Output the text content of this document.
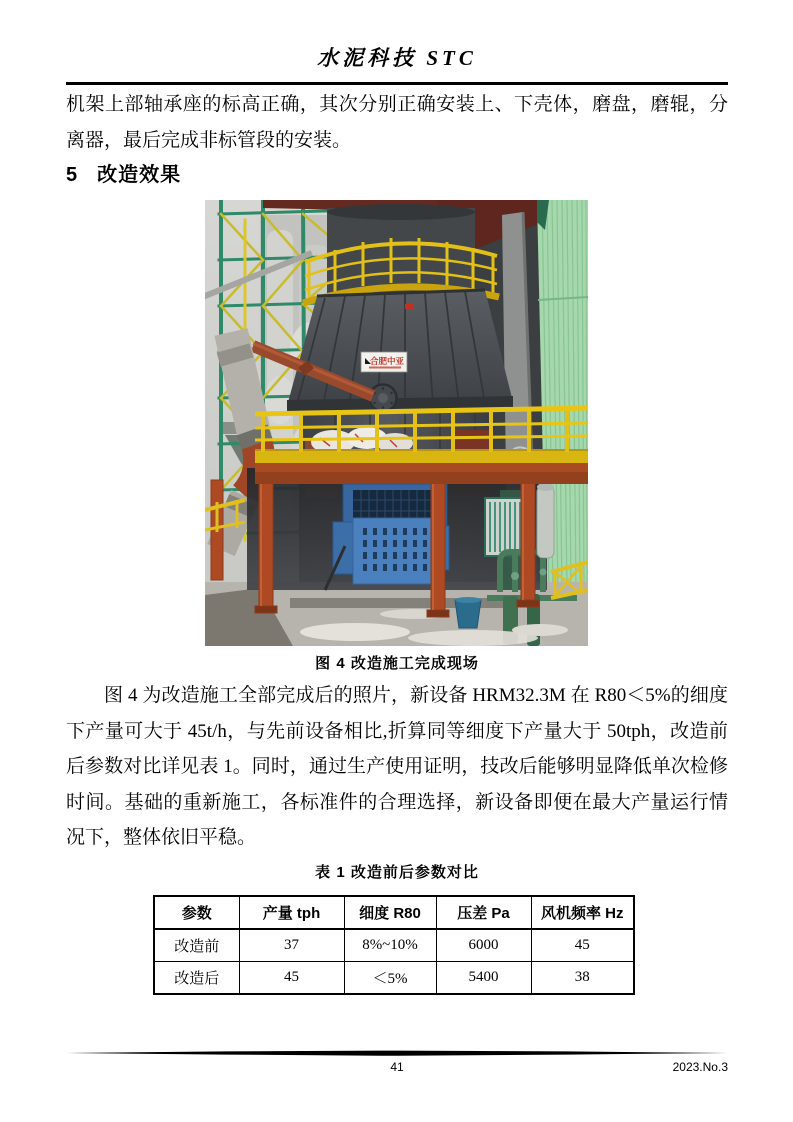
水泥科技 STC
机架上部轴承座的标高正确，其次分别正确安装上、下壳体，磨盘，磨辊，分离器，最后完成非标管段的安装。
5 改造效果
合肥中亚
图 4 改造施工完成现场
图 4 为改造施工全部完成后的照片，新设备 HRM32.3M 在 R80＜5%的细度下产量可大于 45t/h，与先前设备相比,折算同等细度下产量大于 50tph，改造前后参数对比详见表 1。同时，通过生产使用证明，技改后能够明显降低单次检修时间。基础的重新施工，各标准件的合理选择，新设备即便在最大产量运行情况下，整体依旧平稳。
表 1 改造前后参数对比
参数	产量 tph	细度 R80	压差 Pa	风机频率 Hz
改造前	37	8%~10%	6000	45
改造后	45	＜5%	5400	38
41	2023.No.3
